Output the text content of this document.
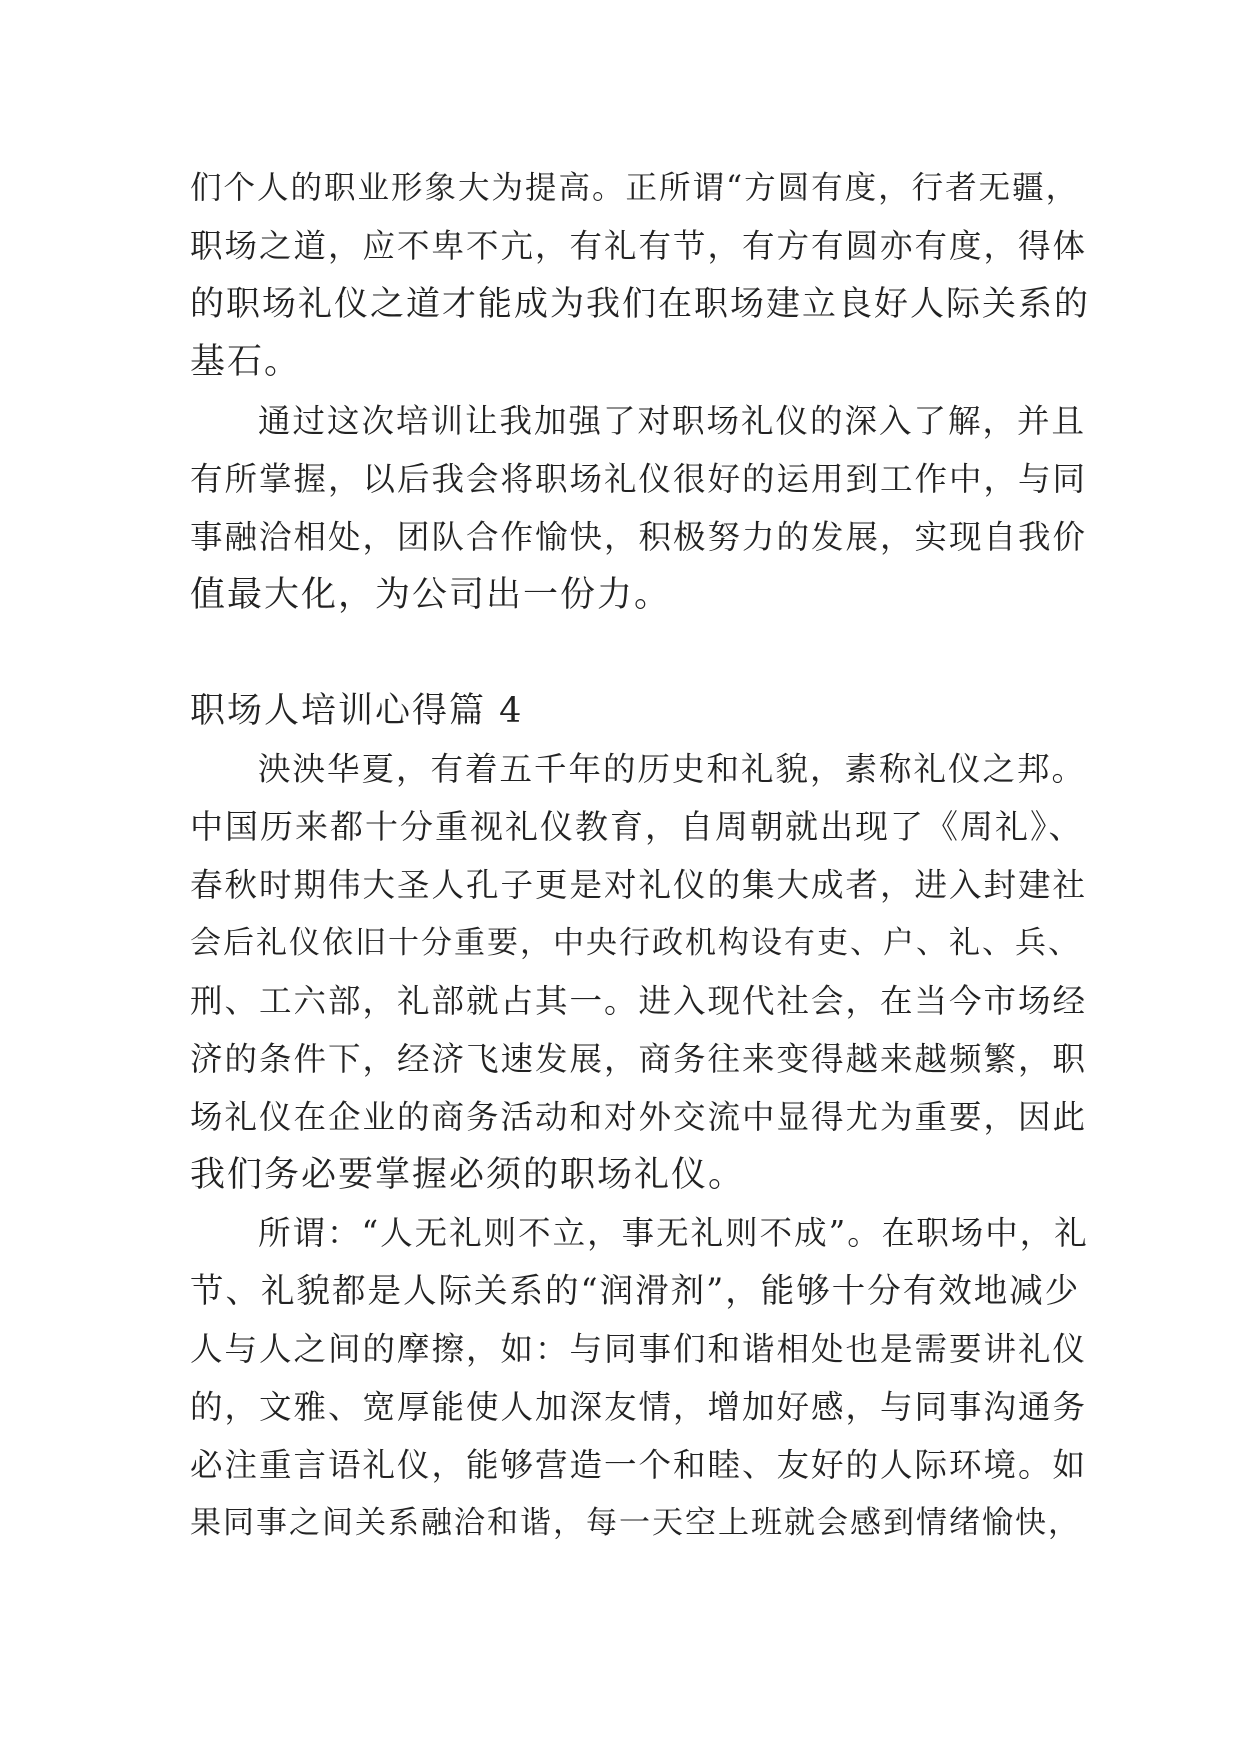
们个人的职业形象大为提高。正所谓“方圆有度，行者无疆，
职场之道，应不卑不亢，有礼有节，有方有圆亦有度，得体
的职场礼仪之道才能成为我们在职场建立良好人际关系的
基石。
通过这次培训让我加强了对职场礼仪的深入了解，并且
有所掌握，以后我会将职场礼仪很好的运用到工作中，与同
事融洽相处，团队合作愉快，积极努力的发展，实现自我价
值最大化，为公司出一份力。
职场人培训心得篇 4
泱泱华夏，有着五千年的历史和礼貌，素称礼仪之邦。
中国历来都十分重视礼仪教育，自周朝就出现了《周礼》、
春秋时期伟大圣人孔子更是对礼仪的集大成者，进入封建社
会后礼仪依旧十分重要，中央行政机构设有吏、户、礼、兵、
刑、工六部，礼部就占其一。进入现代社会，在当今市场经
济的条件下，经济飞速发展，商务往来变得越来越频繁，职
场礼仪在企业的商务活动和对外交流中显得尤为重要，因此
我们务必要掌握必须的职场礼仪。
所谓：“人无礼则不立，事无礼则不成”。在职场中，礼
节、礼貌都是人际关系的“润滑剂”，能够十分有效地减少
人与人之间的摩擦，如：与同事们和谐相处也是需要讲礼仪
的，文雅、宽厚能使人加深友情，增加好感，与同事沟通务
必注重言语礼仪，能够营造一个和睦、友好的人际环境。如
果同事之间关系融洽和谐，每一天空上班就会感到情绪愉快，
